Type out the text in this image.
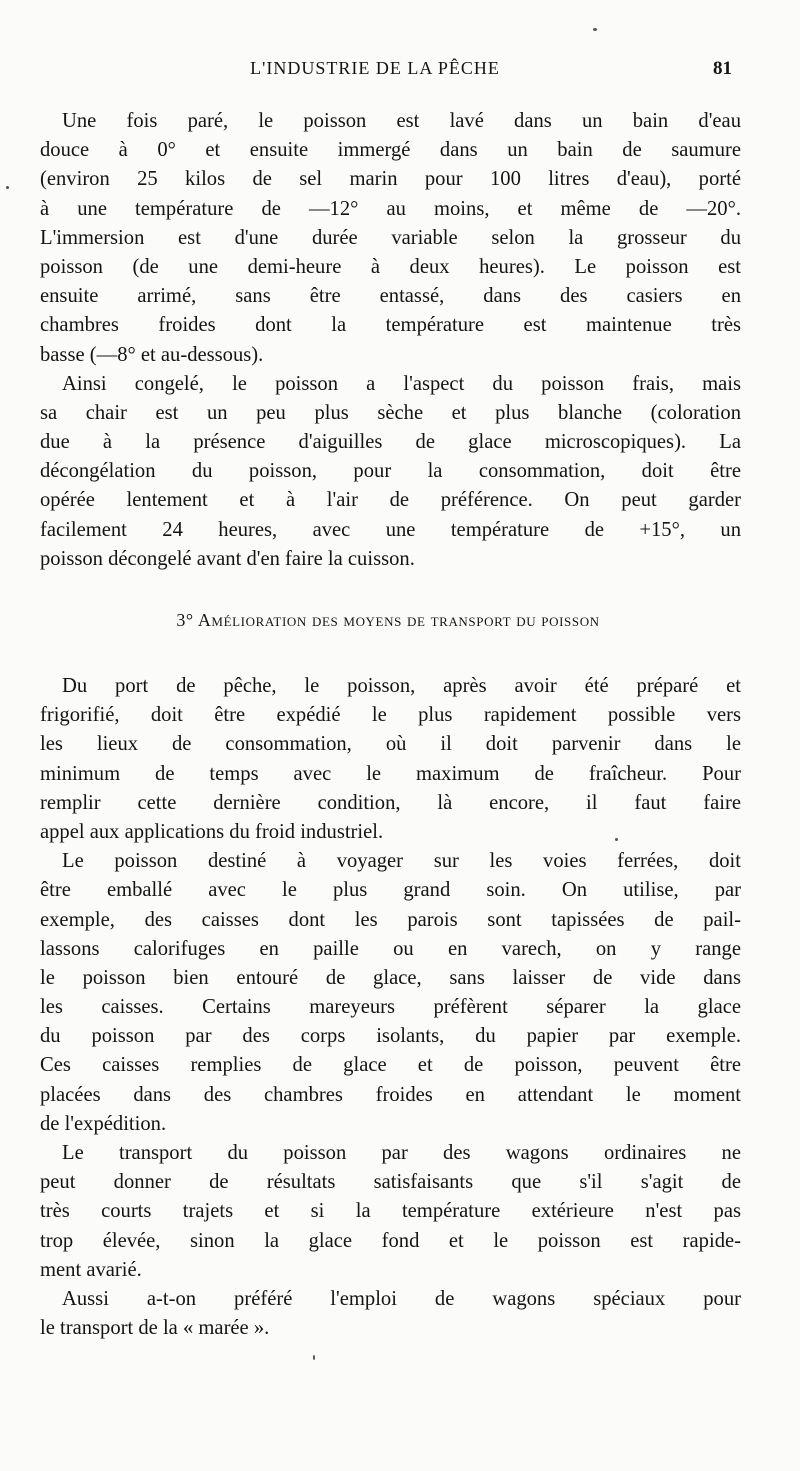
L'INDUSTRIE DE LA PÊCHE	81
Une fois paré, le poisson est lavé dans un bain d'eau
douce à 0° et ensuite immergé dans un bain de saumure
(environ 25 kilos de sel marin pour 100 litres d'eau), porté
à une température de —12° au moins, et même de —20°.
L'immersion est d'une durée variable selon la grosseur du
poisson (de une demi-heure à deux heures). Le poisson est
ensuite arrimé, sans être entassé, dans des casiers en
chambres froides dont la température est maintenue très
basse (—8° et au-dessous).
Ainsi congelé, le poisson a l'aspect du poisson frais, mais
sa chair est un peu plus sèche et plus blanche (coloration
due à la présence d'aiguilles de glace microscopiques). La
décongélation du poisson, pour la consommation, doit être
opérée lentement et à l'air de préférence. On peut garder
facilement 24 heures, avec une température de +15°, un
poisson décongelé avant d'en faire la cuisson.
3° Amélioration des moyens de transport du poisson
Du port de pêche, le poisson, après avoir été préparé et
frigorifié, doit être expédié le plus rapidement possible vers
les lieux de consommation, où il doit parvenir dans le
minimum de temps avec le maximum de fraîcheur. Pour
remplir cette dernière condition, là encore, il faut faire
appel aux applications du froid industriel.
Le poisson destiné à voyager sur les voies ferrées, doit
être emballé avec le plus grand soin. On utilise, par
exemple, des caisses dont les parois sont tapissées de pail-
lassons calorifuges en paille ou en varech, on y range
le poisson bien entouré de glace, sans laisser de vide dans
les caisses. Certains mareyeurs préfèrent séparer la glace
du poisson par des corps isolants, du papier par exemple.
Ces caisses remplies de glace et de poisson, peuvent être
placées dans des chambres froides en attendant le moment
de l'expédition.
Le transport du poisson par des wagons ordinaires ne
peut donner de résultats satisfaisants que s'il s'agit de
très courts trajets et si la température extérieure n'est pas
trop élevée, sinon la glace fond et le poisson est rapide-
ment avarié.
Aussi a-t-on préféré l'emploi de wagons spéciaux pour
le transport de la « marée ».
